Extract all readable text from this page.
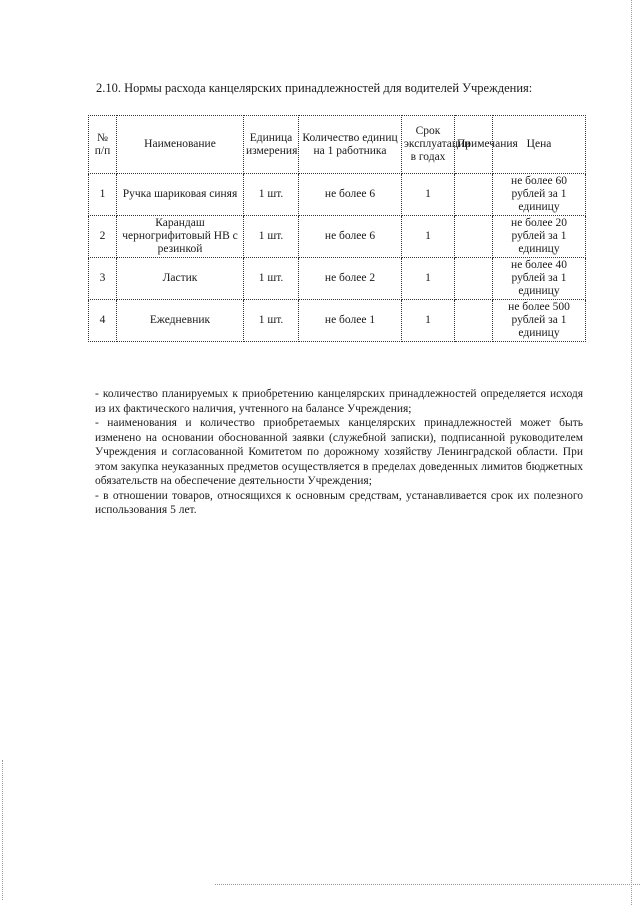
2.10. Нормы расхода канцелярских принадлежностей для водителей Учреждения:
№ п/п	Наименование	Единица измерения	Количество единиц на 1 работника	Срок эксплуатации в годах	Примечания	Цена
1	Ручка шариковая синяя	1 шт.	не более 6	1		не более 60 рублей за 1 единицу
2	Карандаш черногрифитовый НВ с резинкой	1 шт.	не более 6	1		не более 20 рублей за 1 единицу
3	Ластик	1 шт.	не более 2	1		не более 40 рублей за 1 единицу
4	Ежедневник	1 шт.	не более 1	1		не более 500 рублей за 1 единицу

- количество планируемых к приобретению канцелярских принадлежностей определяется исходя из их фактического наличия, учтенного на балансе Учреждения;

- наименования и количество приобретаемых канцелярских принадлежностей может быть изменено на основании обоснованной заявки (служебной записки), подписанной руководителем Учреждения и согласованной Комитетом по дорожному хозяйству Ленинградской области. При этом закупка неуказанных предметов осуществляется в пределах доведенных лимитов бюджетных обязательств на обеспечение деятельности Учреждения;

- в отношении товаров, относящихся к основным средствам, устанавливается срок их полезного использования 5 лет.
